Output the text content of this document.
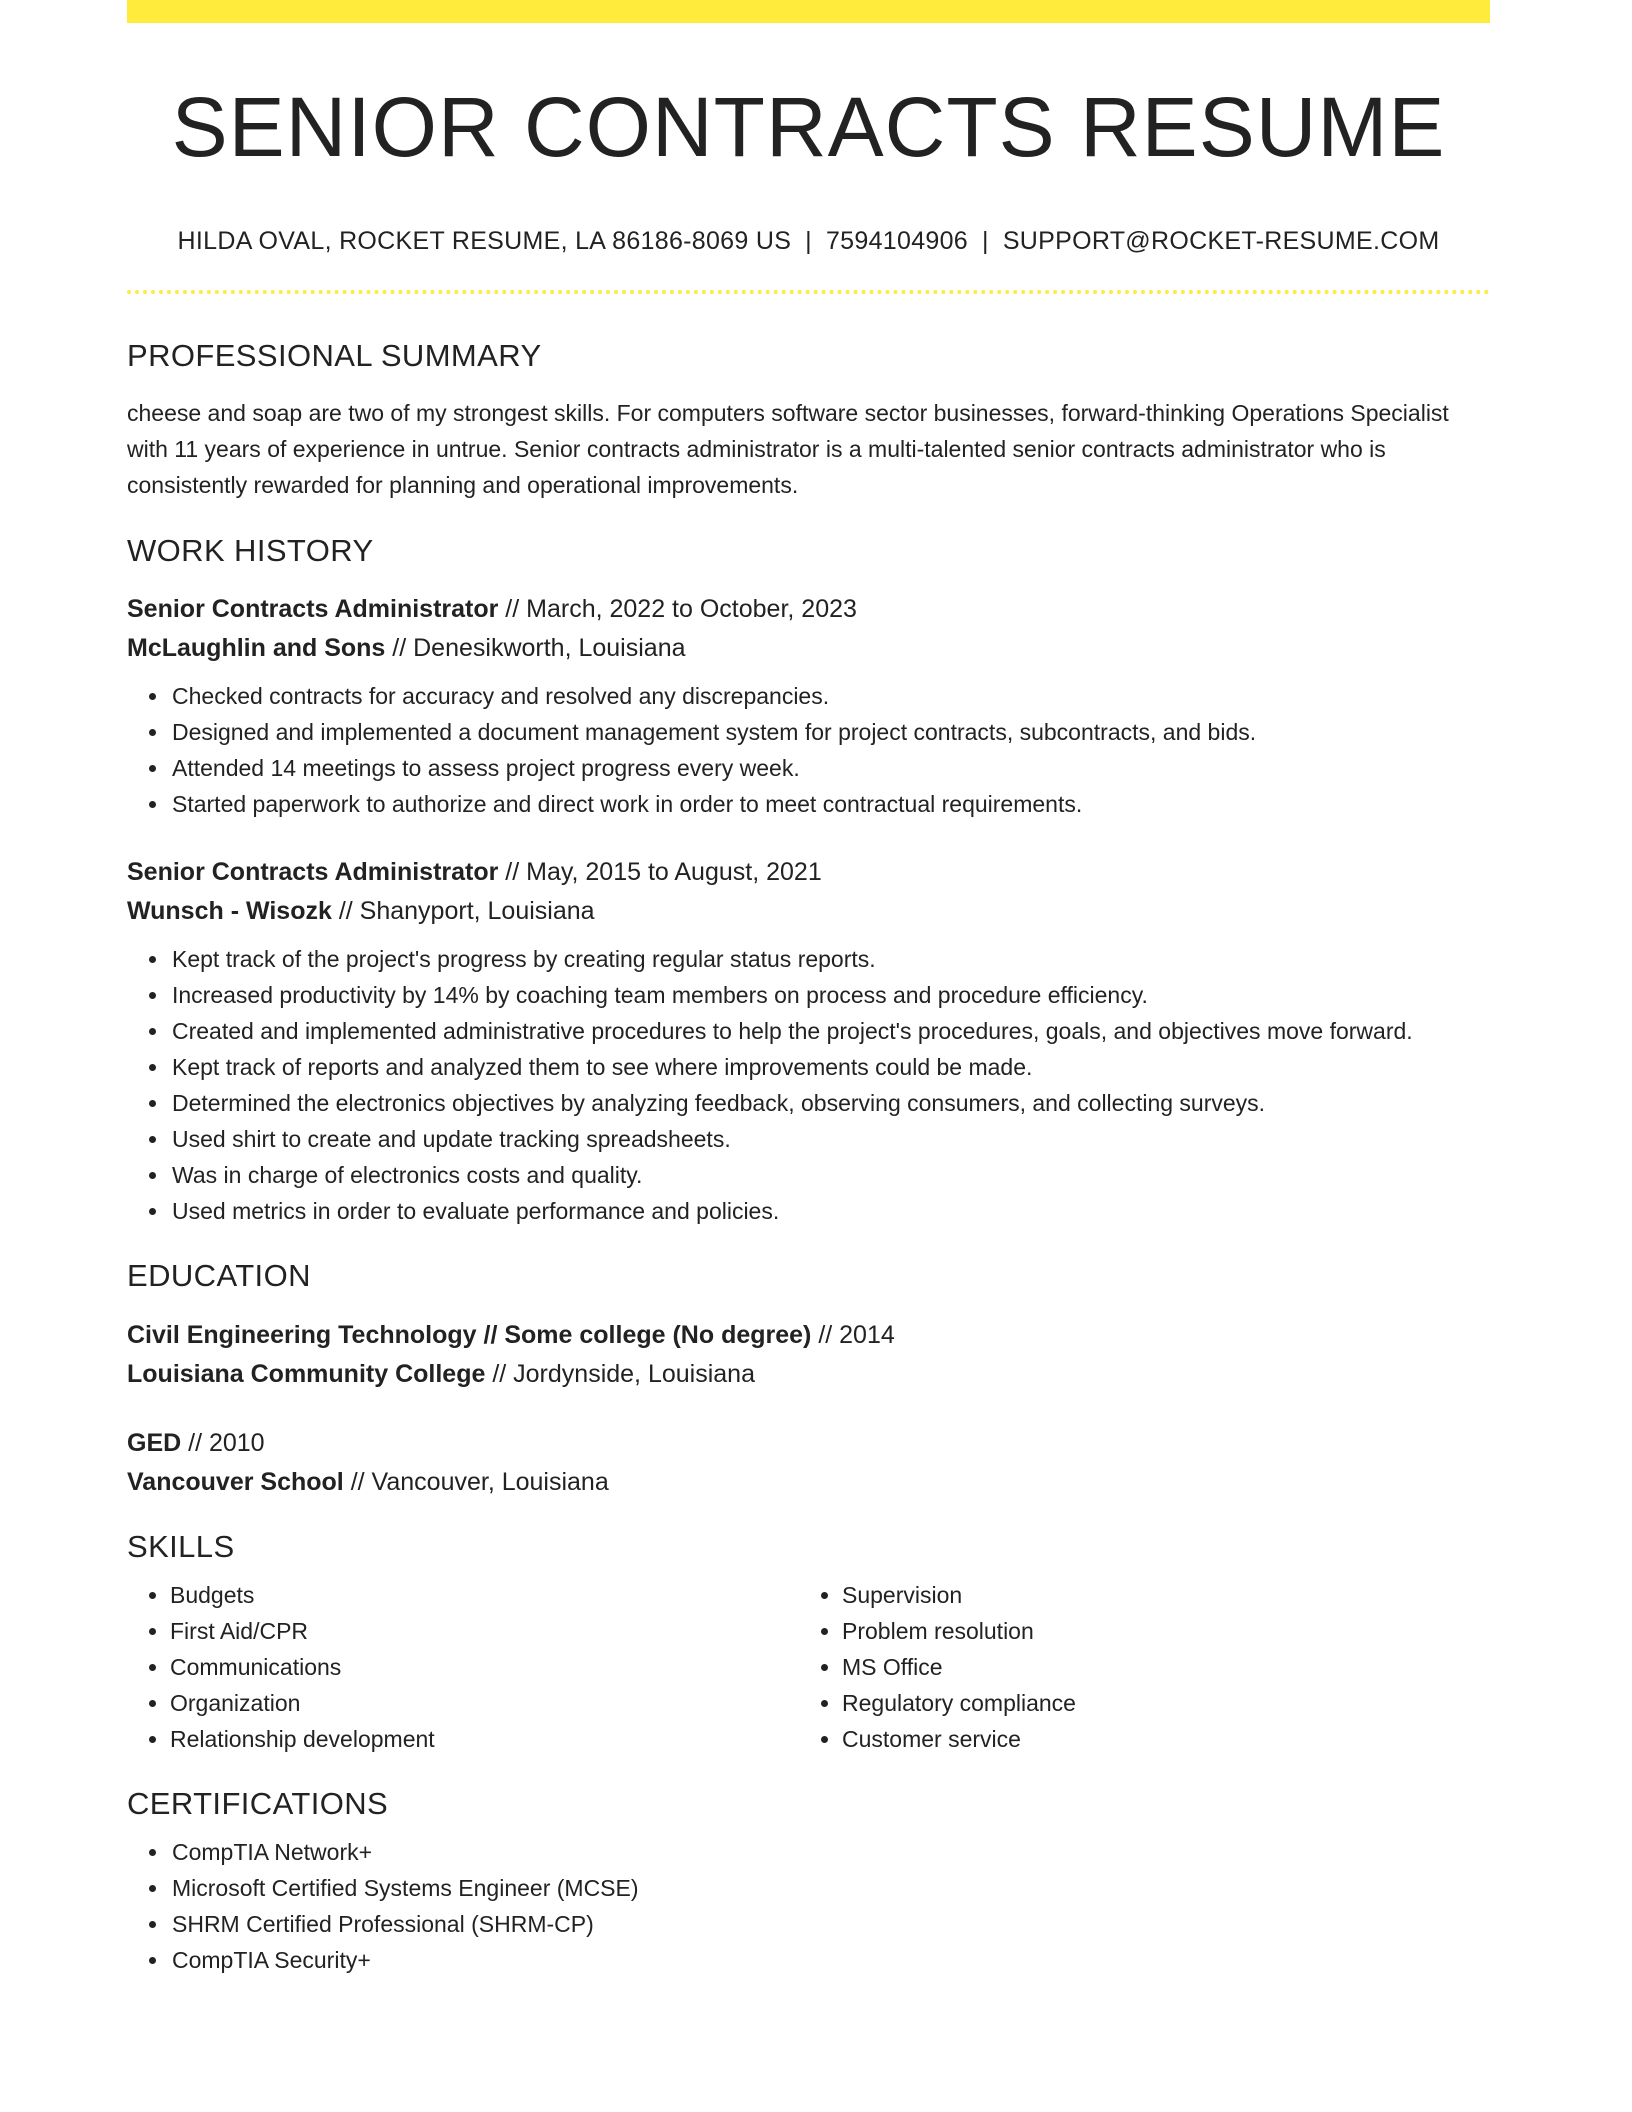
SENIOR CONTRACTS RESUME
HILDA OVAL, ROCKET RESUME, LA 86186-8069 US | 7594104906 | SUPPORT@ROCKET-RESUME.COM
PROFESSIONAL SUMMARY
cheese and soap are two of my strongest skills. For computers software sector businesses, forward-thinking Operations Specialist with 11 years of experience in untrue. Senior contracts administrator is a multi-talented senior contracts administrator who is consistently rewarded for planning and operational improvements.
WORK HISTORY
Senior Contracts Administrator // March, 2022 to October, 2023
McLaughlin and Sons // Denesikworth, Louisiana
• Checked contracts for accuracy and resolved any discrepancies.
• Designed and implemented a document management system for project contracts, subcontracts, and bids.
• Attended 14 meetings to assess project progress every week.
• Started paperwork to authorize and direct work in order to meet contractual requirements.
Senior Contracts Administrator // May, 2015 to August, 2021
Wunsch - Wisozk // Shanyport, Louisiana
• Kept track of the project's progress by creating regular status reports.
• Increased productivity by 14% by coaching team members on process and procedure efficiency.
• Created and implemented administrative procedures to help the project's procedures, goals, and objectives move forward.
• Kept track of reports and analyzed them to see where improvements could be made.
• Determined the electronics objectives by analyzing feedback, observing consumers, and collecting surveys.
• Used shirt to create and update tracking spreadsheets.
• Was in charge of electronics costs and quality.
• Used metrics in order to evaluate performance and policies.
EDUCATION
Civil Engineering Technology // Some college (No degree) // 2014
Louisiana Community College // Jordynside, Louisiana
GED // 2010
Vancouver School // Vancouver, Louisiana
SKILLS
• Budgets
• First Aid/CPR
• Communications
• Organization
• Relationship development
• Supervision
• Problem resolution
• MS Office
• Regulatory compliance
• Customer service
CERTIFICATIONS
• CompTIA Network+
• Microsoft Certified Systems Engineer (MCSE)
• SHRM Certified Professional (SHRM-CP)
• CompTIA Security+
